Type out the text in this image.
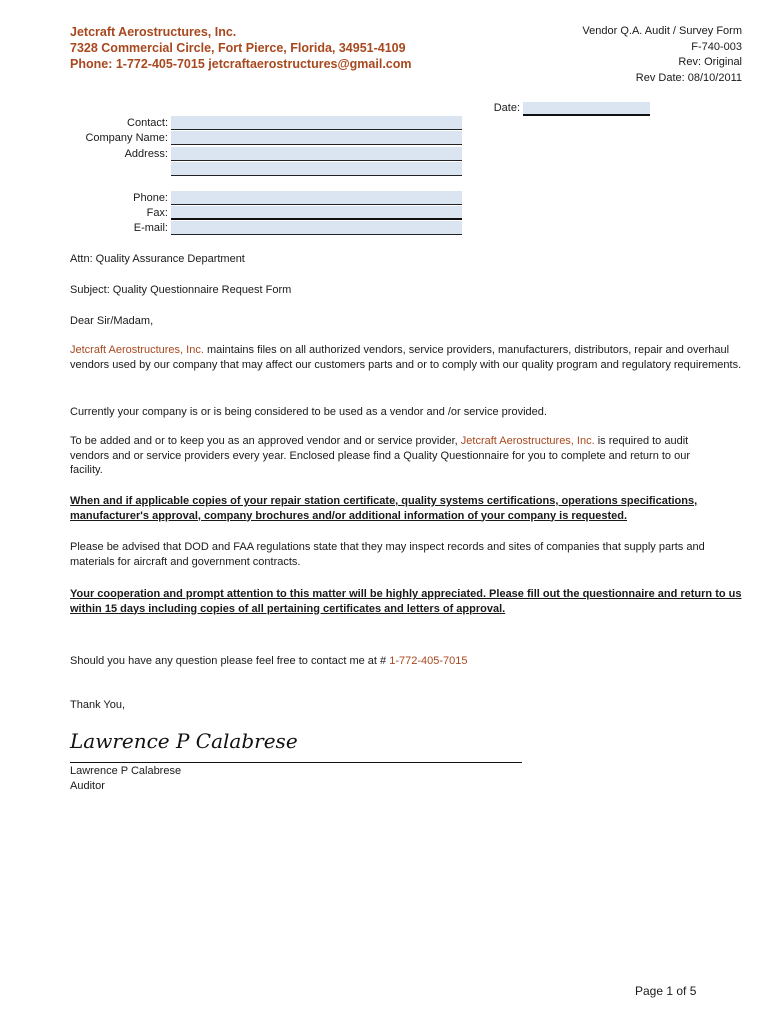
Jetcraft Aerostructures, Inc.
7328 Commercial Circle, Fort Pierce, Florida, 34951-4109
Phone: 1-772-405-7015 jetcraftaerostructures@gmail.com
Vendor Q.A. Audit / Survey Form
F-740-003
Rev: Original
Rev Date: 08/10/2011
Date:
Contact:
Company Name:
Address:
Phone:
Fax:
E-mail:
Attn: Quality Assurance Department
Subject: Quality Questionnaire Request Form
Dear Sir/Madam,
Jetcraft Aerostructures, Inc. maintains files on all authorized vendors, service providers, manufacturers, distributors, repair and overhaul vendors used by our company that may affect our customers parts and or to comply with our quality program and regulatory requirements.
Currently your company is or is being considered to be used as a vendor and /or service provided.
To be added and or to keep you as an approved vendor and or service provider, Jetcraft Aerostructures, Inc. is required to audit vendors and or service providers every year. Enclosed please find a Quality Questionnaire for you to complete and return to our facility.
When and if applicable copies of your repair station certificate, quality systems certifications, operations specifications, manufacturer's approval, company brochures and/or additional information of your company is requested.
Please be advised that DOD and FAA regulations state that they may inspect records and sites of companies that supply parts and materials for aircraft and government contracts.
Your cooperation and prompt attention to this matter will be highly appreciated. Please fill out the questionnaire and return to us within 15 days including copies of all pertaining certificates and letters of approval.
Should you have any question please feel free to contact me at # 1-772-405-7015
Thank You,
Lawrence P Calabrese
Lawrence P Calabrese
Auditor
Page 1 of 5
